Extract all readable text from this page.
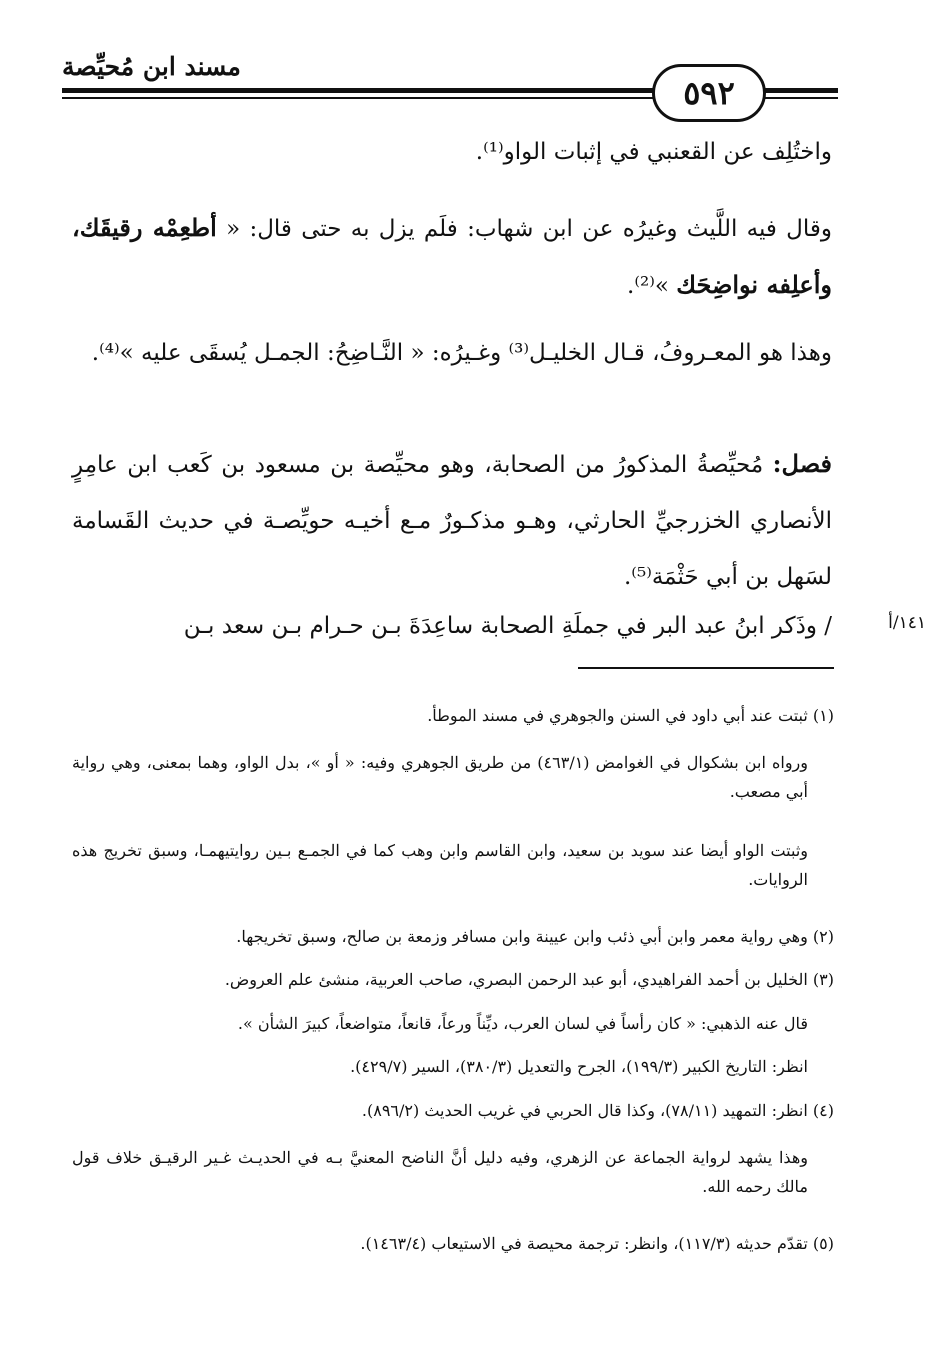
مسند ابن مُحيِّصة
٥٩٢

واختُلِف عن القعنبي في إثبات الواو⁽¹⁾.

وقال فيه اللَّيث وغيرُه عن ابن شهاب: فلَم يزل به حتى قال: « أطعِمْه رقيقَك، وأعلِفه نواضِحَك »⁽²⁾.

وهذا هو المعـروفُ، قـال الخليـل⁽³⁾ وغـيرُه: « النَّـاضِحُ: الجمـل يُسقَى عليه »⁽⁴⁾.

فصل: مُحيِّصةُ المذكورُ من الصحابة، وهو محيِّصة بن مسعود بن كَعب ابن عامِرٍ الأنصاري الخزرجيِّ الحارثي، وهـو مذكـورٌ مـع أخيـه حويِّصـة في حديث القَسامة لسَهل بن أبي حَثْمَة⁽⁵⁾.

/ وذَكر ابنُ عبد البر في جملَةِ الصحابة ساعِدَةَ بـن حـرام بـن سعد بـن	١٤١/أ

(١) ثبتت عند أبي داود في السنن والجوهري في مسند الموطأ.

ورواه ابن بشكوال في الغوامض (٤٦٣/١) من طريق الجوهري وفيه: « أو »، بدل الواو، وهما بمعنى، وهي رواية أبي مصعب.

وثبتت الواو أيضا عند سويد بن سعيد، وابن القاسم وابن وهب كما في الجمـع بـين روايتيهمـا، وسبق تخريج هذه الروايات.

(٢) وهي رواية معمر وابن أبي ذئب وابن عيينة وابن مسافر وزمعة بن صالح، وسبق تخريجها.

(٣) الخليل بن أحمد الفراهيدي، أبو عبد الرحمن البصري، صاحب العربية، منشئ علم العروض.

قال عنه الذهبي: « كان رأساً في لسان العرب، ديِّناً ورعاً، قانعاً، متواضعاً، كبيرَ الشأن ».

انظر: التاريخ الكبير (١٩٩/٣)، الجرح والتعديل (٣٨٠/٣)، السير (٤٢٩/٧).

(٤) انظر: التمهيد (٧٨/١١)، وكذا قال الحربي في غريب الحديث (٨٩٦/٢).

وهذا يشهد لرواية الجماعة عن الزهري، وفيه دليل أنَّ الناضح المعنيَّ بـه في الحديـث غـير الرقيـق خلاف قول مالك رحمه الله.

(٥) تقدّم حديثه (١١٧/٣)، وانظر: ترجمة محيصة في الاستيعاب (١٤٦٣/٤).
